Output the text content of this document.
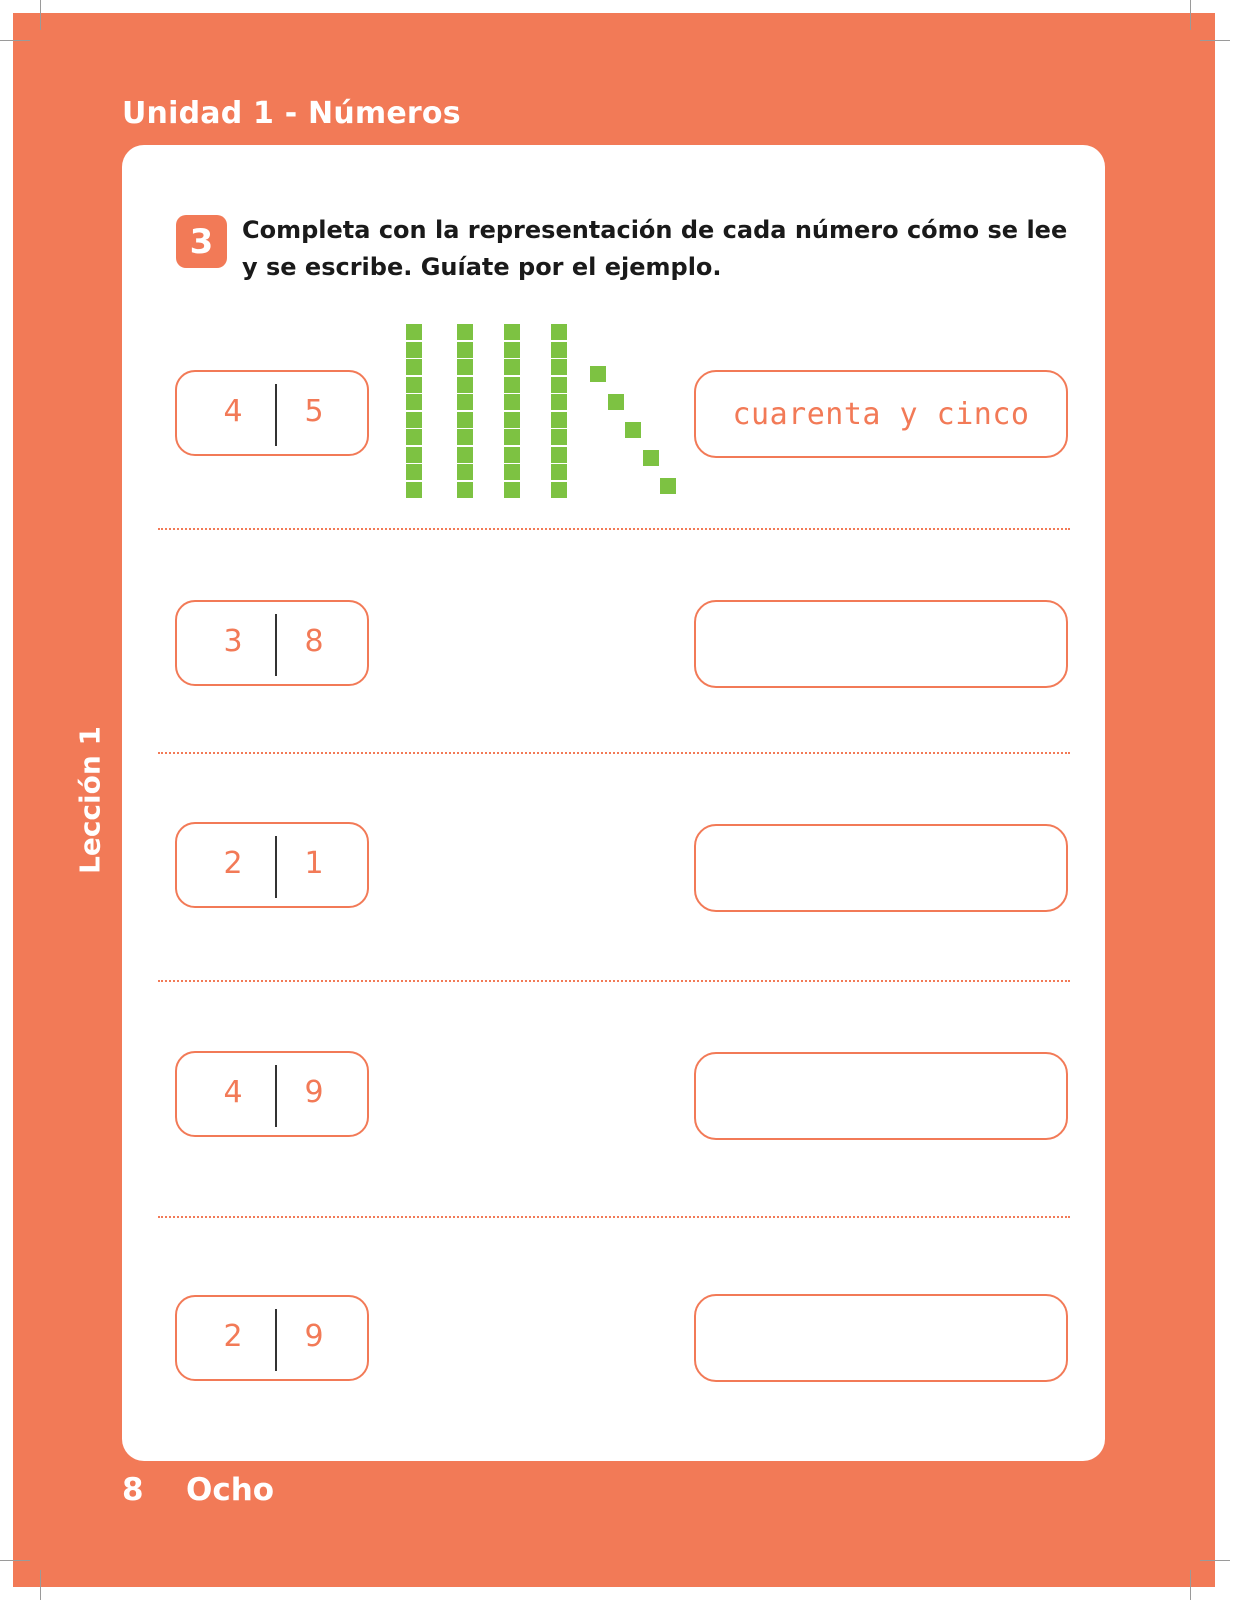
Unidad 1 - Números
Lección 1
3	Completa con la representación de cada número cómo se lee
y se escribe. Guíate por el ejemplo.
4	5	cuarenta y cinco
3	8
2	1
4	9
2	9
8 Ocho
